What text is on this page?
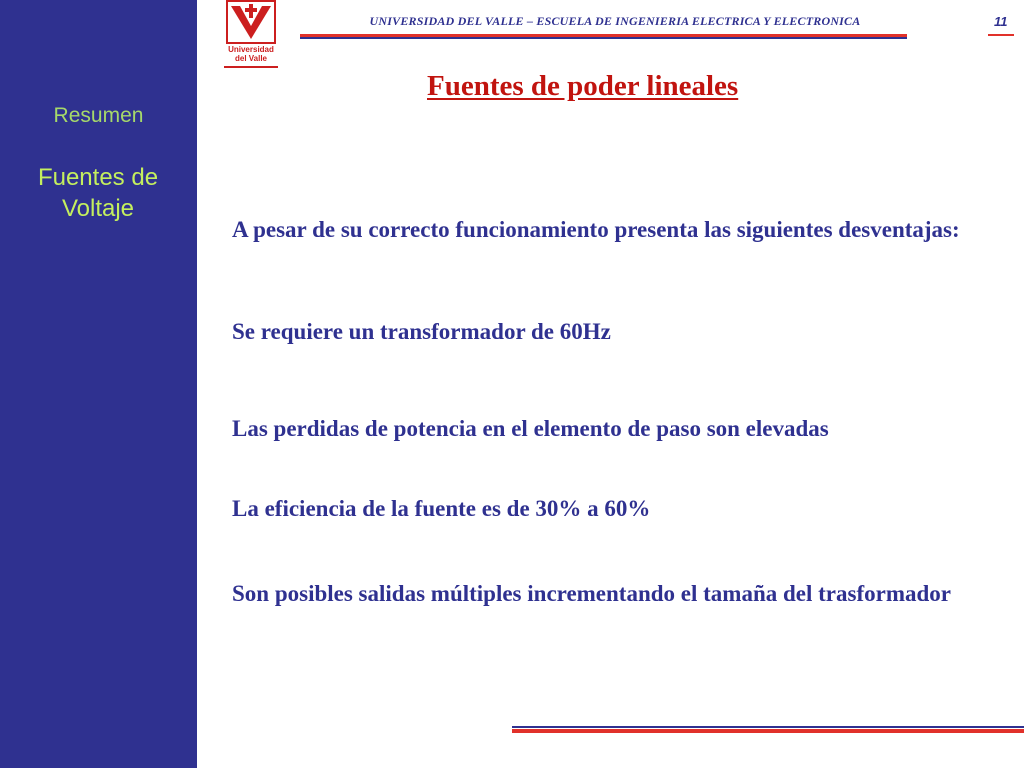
Resumen
Fuentes de
Voltaje
Universidad
del Valle
UNIVERSIDAD DEL VALLE – ESCUELA DE INGENIERIA ELECTRICA Y ELECTRONICA	11
Fuentes de poder lineales
A pesar de su correcto funcionamiento presenta las siguientes desventajas:
Se requiere un transformador de 60Hz
Las perdidas de potencia en el elemento de paso son elevadas
La eficiencia de la fuente es de 30% a 60%
Son posibles salidas múltiples incrementando el tamaña del trasformador
